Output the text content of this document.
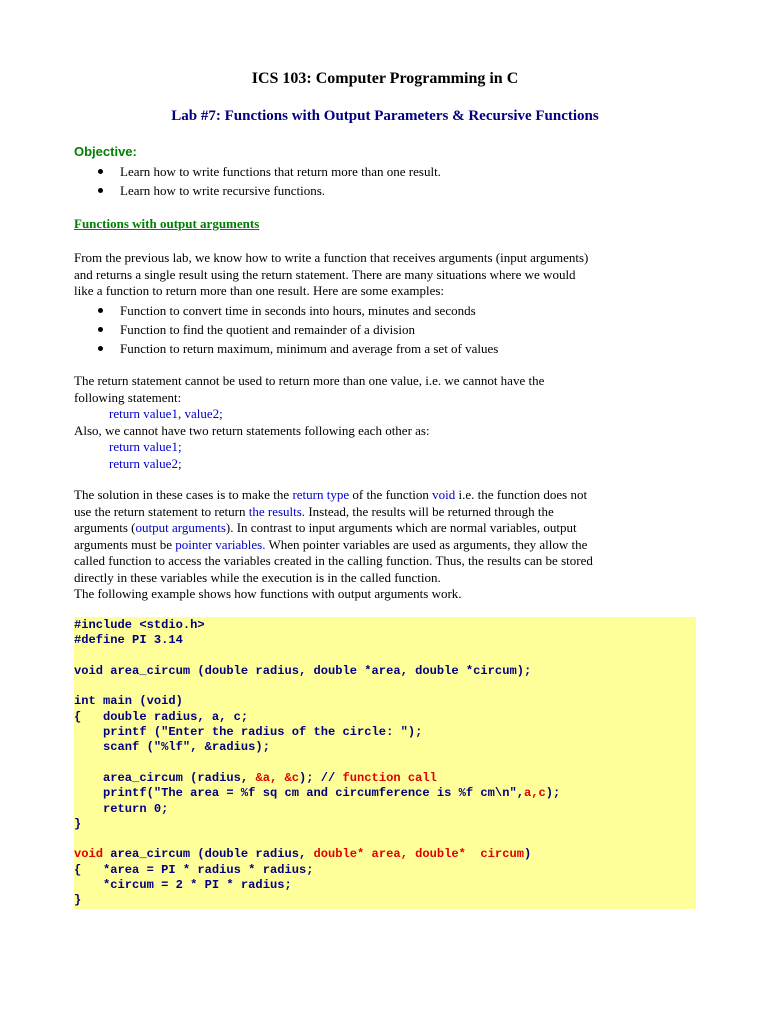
ICS 103: Computer Programming in C
Lab #7: Functions with Output Parameters & Recursive Functions
Objective:
Learn how to write functions that return more than one result.
Learn how to write recursive functions.
Functions with output arguments
From the previous lab, we know how to write a function that receives arguments (input arguments)
and returns a single result using the return statement. There are many situations where we would
like a function to return more than one result. Here are some examples:
Function to convert time in seconds into hours, minutes and seconds
Function to find the quotient and remainder of a division
Function to return maximum, minimum and average from a set of values
The return statement cannot be used to return more than one value, i.e. we cannot have the
following statement:
return value1, value2;
Also, we cannot have two return statements following each other as:
return value1;
return value2;
The solution in these cases is to make the return type of the function void i.e. the function does not
use the return statement to return the results. Instead, the results will be returned through the
arguments (output arguments). In contrast to input arguments which are normal variables, output
arguments must be pointer variables. When pointer variables are used as arguments, they allow the
called function to access the variables created in the calling function. Thus, the results can be stored
directly in these variables while the execution is in the called function.
The following example shows how functions with output arguments work.
#include <stdio.h>
#define PI 3.14
void area_circum (double radius, double *area, double *circum);
int main (void)
{   double radius, a, c;
printf ("Enter the radius of the circle: ");
scanf ("%lf", &radius);
area_circum (radius, &a, &c); // function call
printf("The area = %f sq cm and circumference is %f cm\n",a,c);
return 0;
}
void area_circum (double radius, double* area, double*  circum)
{   *area = PI * radius * radius;
*circum = 2 * PI * radius;
}
